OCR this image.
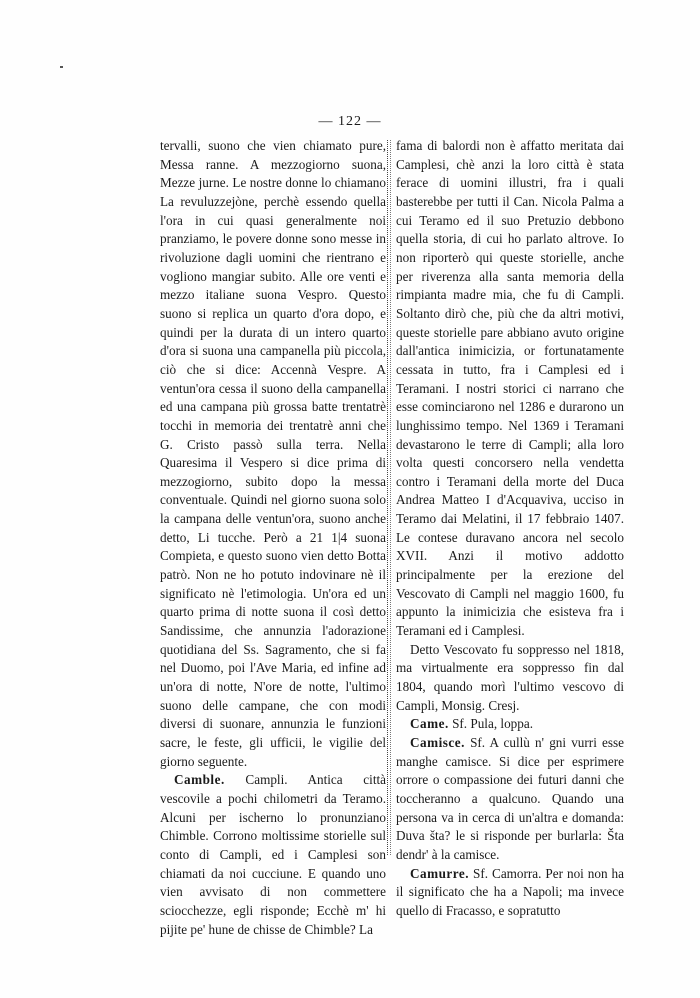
— 122 —

tervalli, suono che vien chiamato pure, Messa ranne. A mezzogiorno suona, Mezze jurne. Le nostre donne lo chiamano La revuluzzejòne, perchè essendo quella l'ora in cui quasi generalmente noi pranziamo, le povere donne sono messe in rivoluzione dagli uomini che rientrano e vogliono mangiar subito. Alle ore venti e mezzo italiane suona Vespro. Questo suono si replica un quarto d'ora dopo, e quindi per la durata di un intero quarto d'ora si suona una campanella più piccola, ciò che si dice: Accennà Vespre. A ventun'ora cessa il suono della campanella ed una campana più grossa batte trentatrè tocchi in memoria dei trentatrè anni che G. Cristo passò sulla terra. Nella Quaresima il Vespero si dice prima di mezzogiorno, subito dopo la messa conventuale. Quindi nel giorno suona solo la campana delle ventun'ora, suono anche detto, Li tucche. Però a 21 1|4 suona Compieta, e questo suono vien detto Botta patrò. Non ne ho potuto indovinare nè il significato nè l'etimologia. Un'ora ed un quarto prima di notte suona il così detto Sandissime, che annunzia l'adorazione quotidiana del Ss. Sagramento, che si fa nel Duomo, poi l'Ave Maria, ed infine ad un'ora di notte, N'ore de notte, l'ultimo suono delle campane, che con modi diversi di suonare, annunzia le funzioni sacre, le feste, gli ufficii, le vigilie del giorno seguente.

Camble. Campli. Antica città vescovile a pochi chilometri da Teramo. Alcuni per ischerno lo pronunziano Chimble. Corrono moltissime storielle sul conto di Campli, ed i Camplesi son chiamati da noi cucciune. E quando uno vien avvisato di non commettere sciocchezze, egli risponde; Ecchè m' hi pijite pe' hune de chisse de Chimble? La

fama di balordi non è affatto meritata dai Camplesi, chè anzi la loro città è stata ferace di uomini illustri, fra i quali basterebbe per tutti il Can. Nicola Palma a cui Teramo ed il suo Pretuzio debbono quella storia, di cui ho parlato altrove. Io non riporterò qui queste storielle, anche per riverenza alla santa memoria della rimpianta madre mia, che fu di Campli. Soltanto dirò che, più che da altri motivi, queste storielle pare abbiano avuto origine dall'antica inimicizia, or fortunatamente cessata in tutto, fra i Camplesi ed i Teramani. I nostri storici ci narrano che esse cominciarono nel 1286 e durarono un lunghissimo tempo. Nel 1369 i Teramani devastarono le terre di Campli; alla loro volta questi concorsero nella vendetta contro i Teramani della morte del Duca Andrea Matteo I d'Acquaviva, ucciso in Teramo dai Melatini, il 17 febbraio 1407. Le contese duravano ancora nel secolo XVII. Anzi il motivo addotto principalmente per la erezione del Vescovato di Campli nel maggio 1600, fu appunto la inimicizia che esisteva fra i Teramani ed i Camplesi.

Detto Vescovato fu soppresso nel 1818, ma virtualmente era soppresso fin dal 1804, quando morì l'ultimo vescovo di Campli, Monsig. Cresj.

Came. Sf. Pula, loppa.

Camisce. Sf. A cullù n' gni vurri esse manghe camisce. Si dice per esprimere orrore o compassione dei futuri danni che toccheranno a qualcuno. Quando una persona va in cerca di un'altra e domanda: Duva šta? le si risponde per burlarla: Šta dendr' à la camisce.

Camurre. Sf. Camorra. Per noi non ha il significato che ha a Napoli; ma invece quello di Fracasso, e sopratutto
